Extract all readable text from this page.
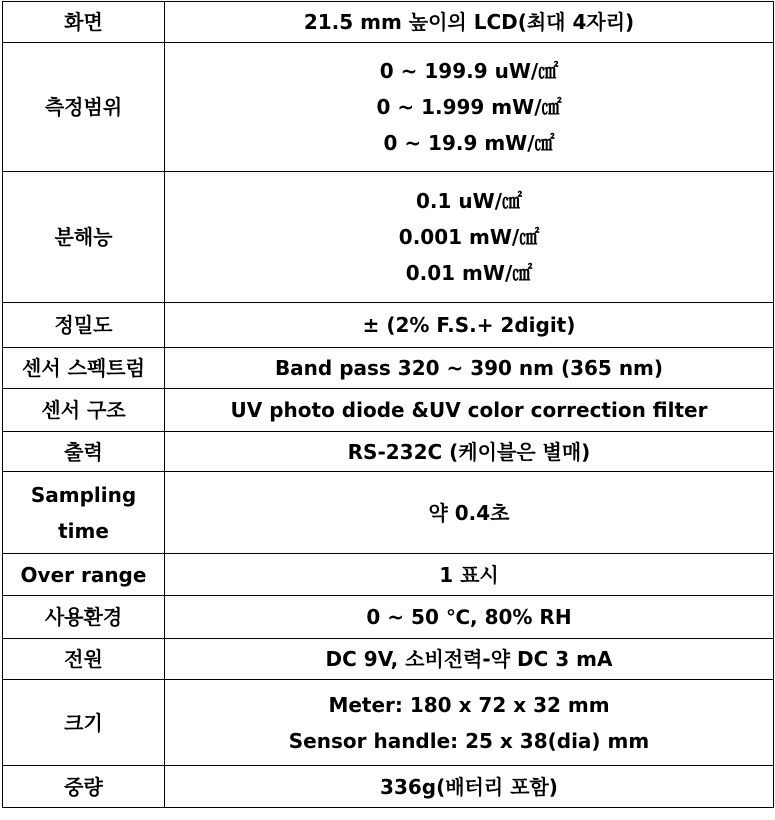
화면	21.5 mm 높이의 LCD(최대 4자리)

측정범위	0 ~ 199.9 uW/㎠
0 ~ 1.999 mW/㎠
0 ~ 19.9 mW/㎠

분해능	0.1 uW/㎠
0.001 mW/㎠
0.01 mW/㎠

정밀도	± (2% F.S.+ 2digit)

센서 스펙트럼	Band pass 320 ~ 390 nm (365 nm)

센서 구조	UV photo diode &UV color correction filter

출력	RS-232C (케이블은 별매)

Sampling
time	약 0.4초

Over range	1 표시

사용환경	0 ~ 50 ℃, 80% RH

전원	DC 9V, 소비전력-약 DC 3 mA

크기	Meter: 180 x 72 x 32 mm
Sensor handle: 25 x 38(dia) mm

중량	336g(배터리 포함)
